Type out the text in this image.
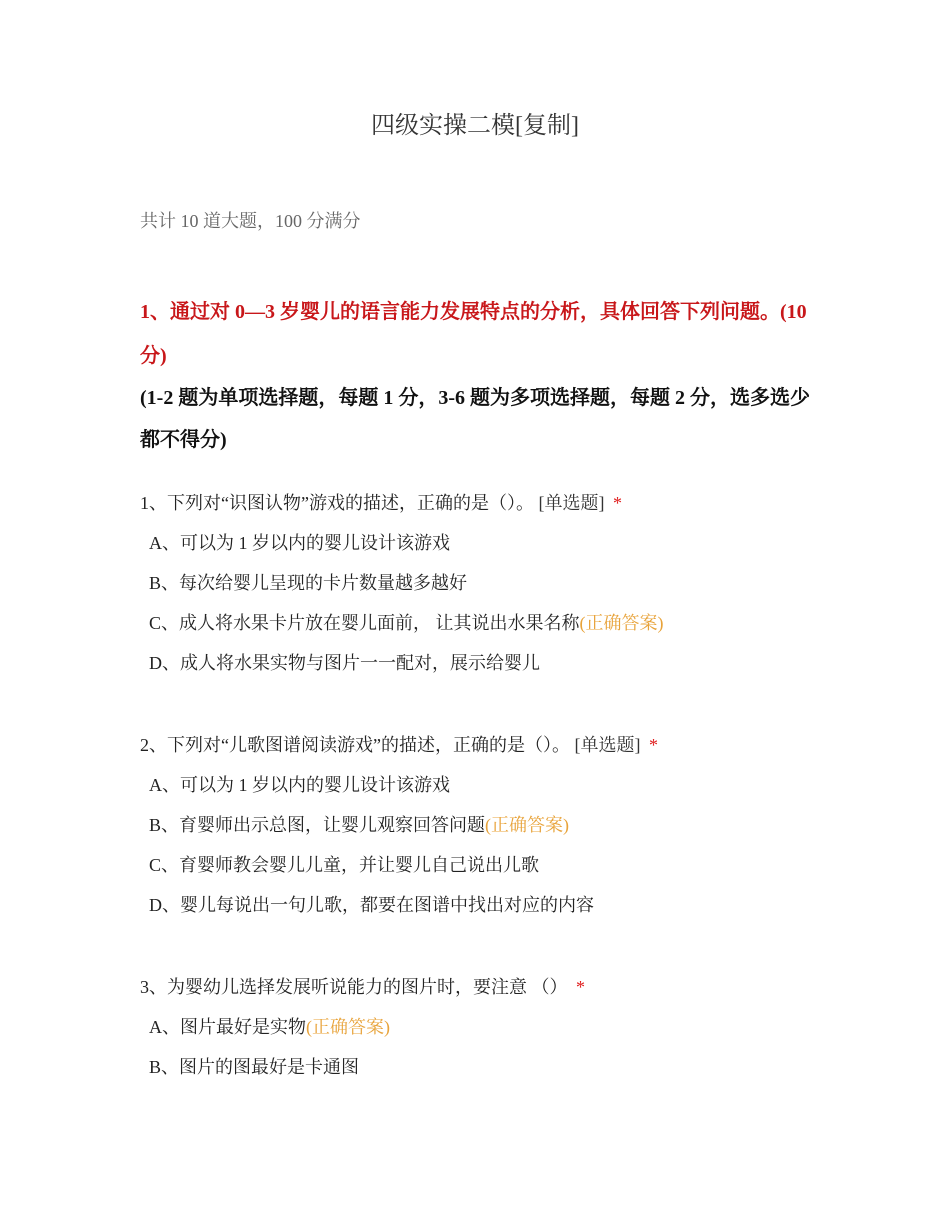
四级实操二模[复制]
共计 10 道大题，100 分满分
1、通过对 0—3 岁婴儿的语言能力发展特点的分析，具体回答下列问题。(10 分)
(1-2 题为单项选择题，每题 1 分，3-6 题为多项选择题，每题 2 分，选多选少都不得分)

1、下列对“识图认物”游戏的描述，正确的是（）。 [单选题] *

A、可以为 1 岁以内的婴儿设计该游戏
B、每次给婴儿呈现的卡片数量越多越好
C、成人将水果卡片放在婴儿面前， 让其说出水果名称(正确答案)
D、成人将水果实物与图片一一配对，展示给婴儿

2、下列对“儿歌图谱阅读游戏”的描述，正确的是（）。 [单选题] *

A、可以为 1 岁以内的婴儿设计该游戏
B、育婴师出示总图，让婴儿观察回答问题(正确答案)
C、育婴师教会婴儿儿童，并让婴儿自己说出儿歌
D、婴儿每说出一句儿歌，都要在图谱中找出对应的内容

3、为婴幼儿选择发展听说能力的图片时，要注意 （） *

A、图片最好是实物(正确答案)
B、图片的图最好是卡通图
